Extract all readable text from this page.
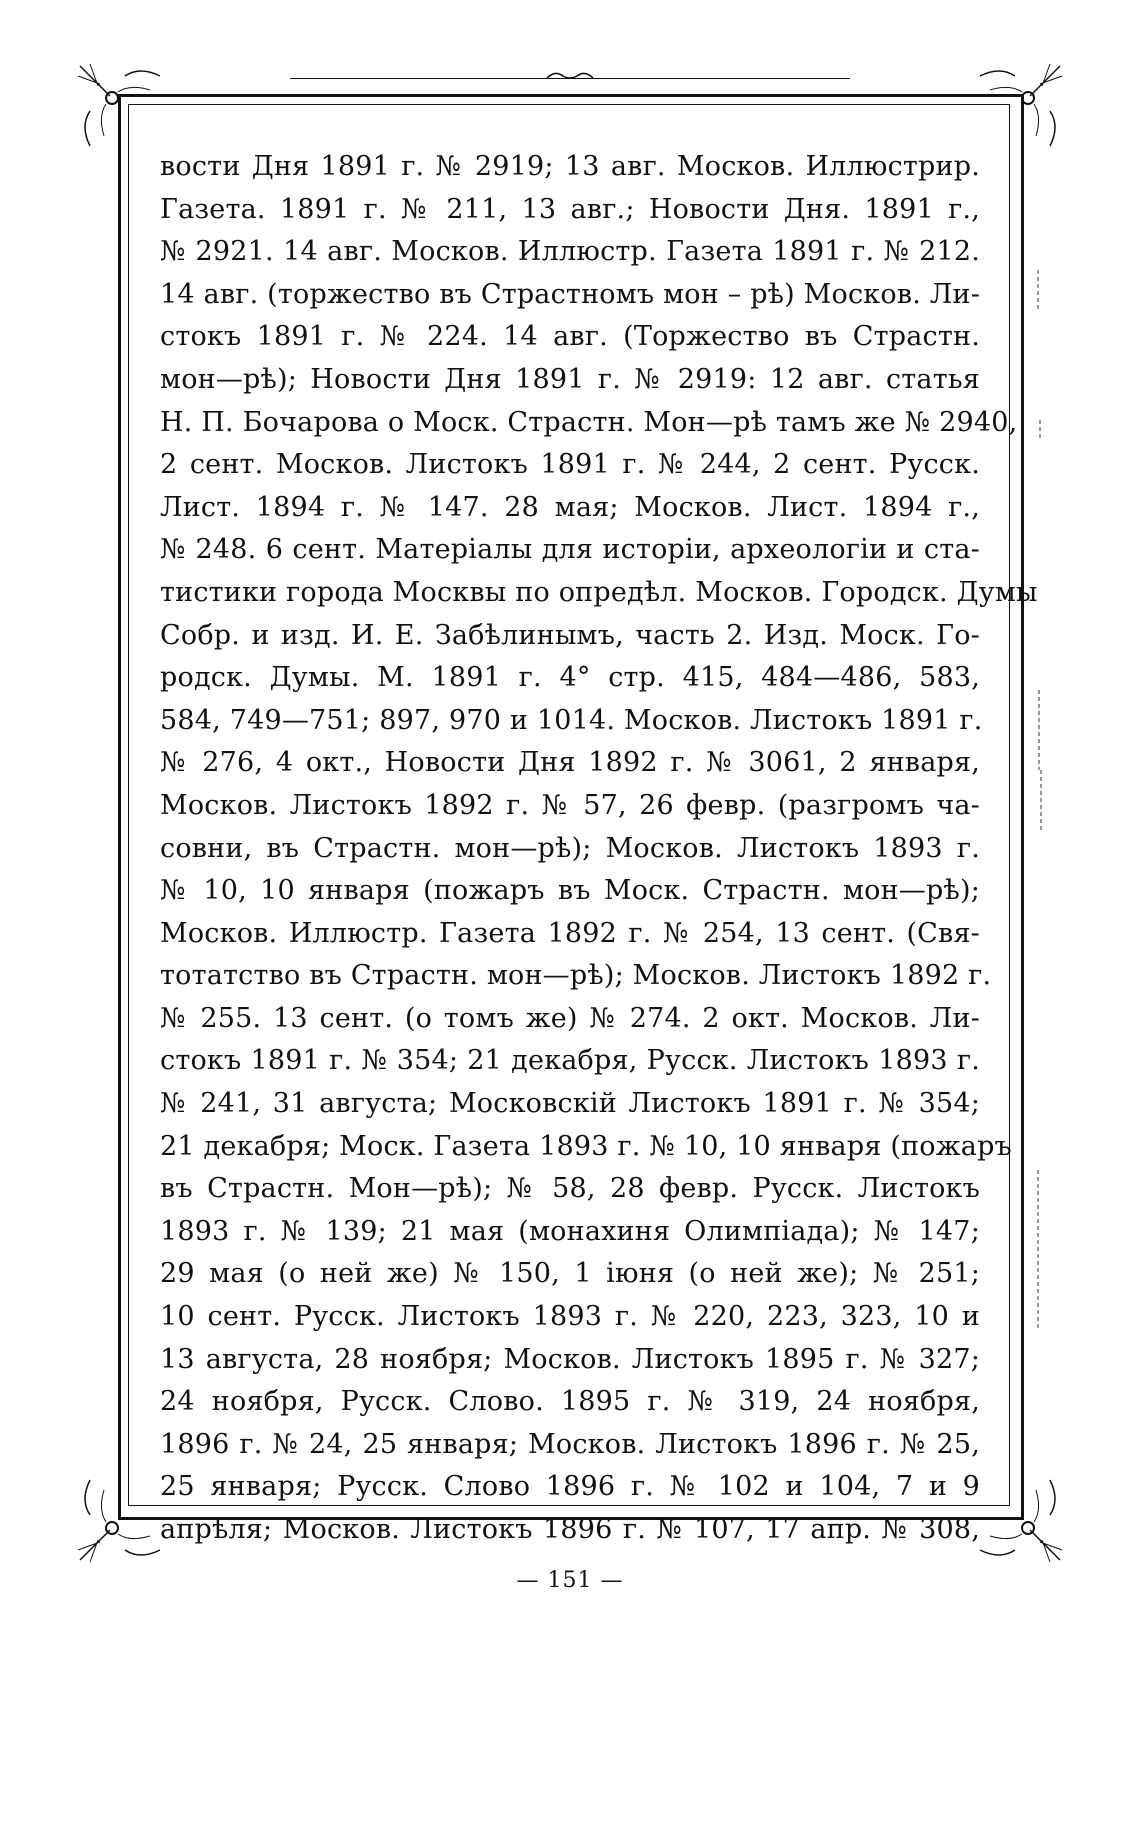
вости Дня 1891 г. № 2919; 13 авг. Москов. Иллюстрир.
Газета. 1891 г. № 211, 13 авг.; Новости Дня. 1891 г.,
№ 2921. 14 авг. Москов. Иллюстр. Газета 1891 г. № 212.
14 авг. (торжество въ Страстномъ мон – рѣ) Москов. Ли-
стокъ 1891 г. № 224. 14 авг. (Торжество въ Страстн.
мон—рѣ); Новости Дня 1891 г. № 2919: 12 авг. статья
Н. П. Бочарова о Моск. Страстн. Мон—рѣ тамъ же № 2940,
2 сент. Москов. Листокъ 1891 г. № 244, 2 сент. Русск.
Лист. 1894 г. № 147. 28 мая; Москов. Лист. 1894 г.,
№ 248. 6 сент. Матеріалы для исторіи, археологіи и ста-
тистики города Москвы по опредѣл. Москов. Городск. Думы
Собр. и изд. И. Е. Забѣлинымъ, часть 2. Изд. Моск. Го-
родск. Думы. М. 1891 г. 4° стр. 415, 484—486, 583,
584, 749—751; 897, 970 и 1014. Москов. Листокъ 1891 г.
№ 276, 4 окт., Новости Дня 1892 г. № 3061, 2 января,
Москов. Листокъ 1892 г. № 57, 26 февр. (разгромъ ча-
совни, въ Страстн. мон—рѣ); Москов. Листокъ 1893 г.
№ 10, 10 января (пожаръ въ Моск. Страстн. мон—рѣ);
Москов. Иллюстр. Газета 1892 г. № 254, 13 сент. (Свя-
тотатство въ Страстн. мон—рѣ); Москов. Листокъ 1892 г.
№ 255. 13 сент. (о томъ же) № 274. 2 окт. Москов. Ли-
стокъ 1891 г. № 354; 21 декабря, Русск. Листокъ 1893 г.
№ 241, 31 августа; Московскій Листокъ 1891 г. № 354;
21 декабря; Моск. Газета 1893 г. № 10, 10 января (пожаръ
въ Страстн. Мон—рѣ); № 58, 28 февр. Русск. Листокъ
1893 г. № 139; 21 мая (монахиня Олимпіада); № 147;
29 мая (о ней же) № 150, 1 іюня (о ней же); № 251;
10 сент. Русск. Листокъ 1893 г. № 220, 223, 323, 10 и
13 августа, 28 ноября; Москов. Листокъ 1895 г. № 327;
24 ноября, Русск. Слово. 1895 г. № 319, 24 ноября,
1896 г. № 24, 25 января; Москов. Листокъ 1896 г. № 25,
25 января; Русск. Слово 1896 г. № 102 и 104, 7 и 9
апрѣля; Москов. Листокъ 1896 г. № 107, 17 апр. № 308,
— 151 —
